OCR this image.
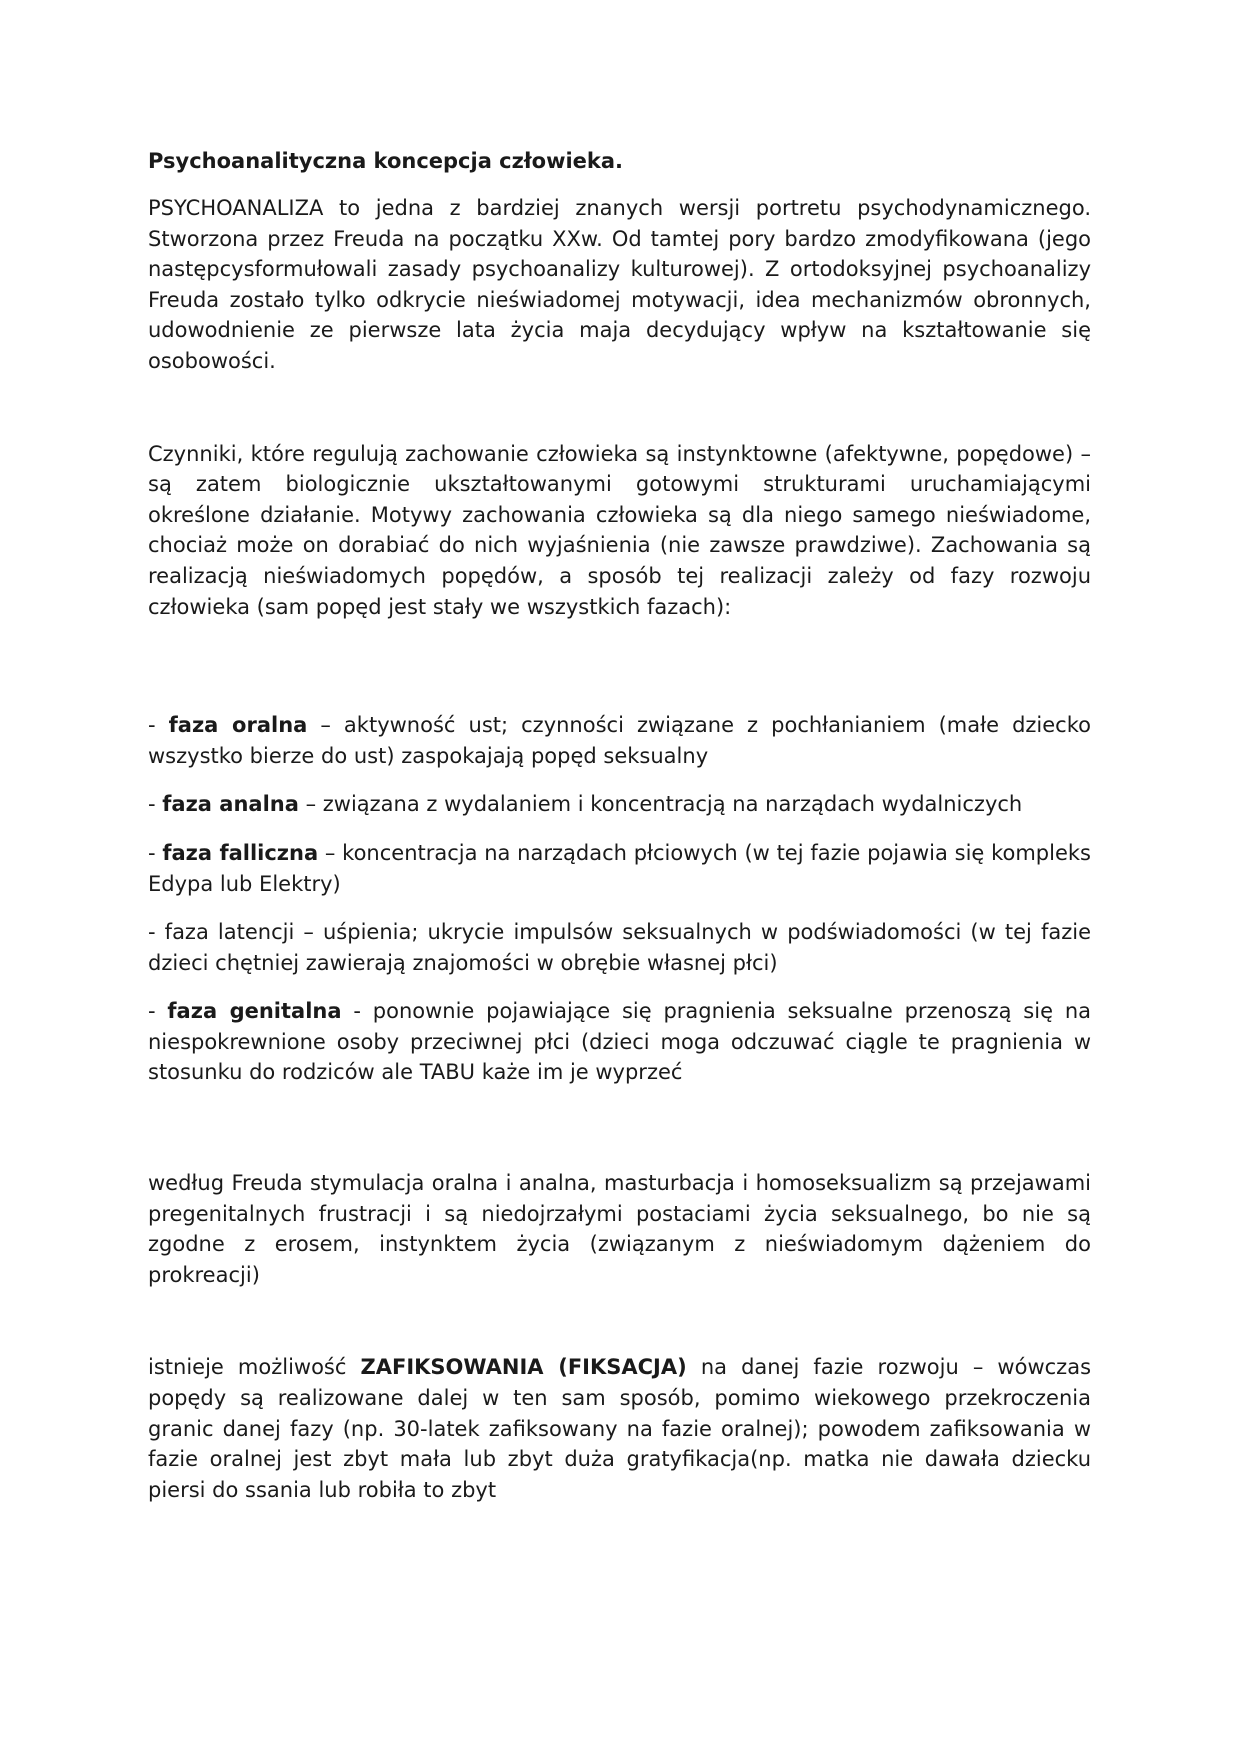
Psychoanalityczna koncepcja człowieka.

PSYCHOANALIZA to jedna z bardziej znanych wersji portretu psychodynamicznego. Stworzona przez Freuda na początku XXw. Od tamtej pory bardzo zmodyfikowana (jego następcysformułowali zasady psychoanalizy kulturowej). Z ortodoksyjnej psychoanalizy Freuda zostało tylko odkrycie nieświadomej motywacji, idea mechanizmów obronnych, udowodnienie ze pierwsze lata życia maja decydujący wpływ na kształtowanie się osobowości.

Czynniki, które regulują zachowanie człowieka są instynktowne (afektywne, popędowe) – są zatem biologicznie ukształtowanymi gotowymi strukturami uruchamiającymi określone działanie. Motywy zachowania człowieka są dla niego samego nieświadome, chociaż może on dorabiać do nich wyjaśnienia (nie zawsze prawdziwe). Zachowania są realizacją nieświadomych popędów, a sposób tej realizacji zależy od fazy rozwoju człowieka (sam popęd jest stały we wszystkich fazach):

- faza oralna – aktywność ust; czynności związane z pochłanianiem (małe dziecko wszystko bierze do ust) zaspokajają popęd seksualny

- faza analna – związana z wydalaniem i koncentracją na narządach wydalniczych

- faza falliczna – koncentracja na narządach płciowych (w tej fazie pojawia się kompleks Edypa lub Elektry)

- faza latencji – uśpienia; ukrycie impulsów seksualnych w podświadomości (w tej fazie dzieci chętniej zawierają znajomości w obrębie własnej płci)

- faza genitalna - ponownie pojawiające się pragnienia seksualne przenoszą się na niespokrewnione osoby przeciwnej płci (dzieci moga odczuwać ciągle te pragnienia w stosunku do rodziców ale TABU każe im je wyprzeć

według Freuda stymulacja oralna i analna, masturbacja i homoseksualizm są przejawami pregenitalnych frustracji i są niedojrzałymi postaciami życia seksualnego, bo nie są zgodne z erosem, instynktem życia (związanym z nieświadomym dążeniem do prokreacji)

istnieje możliwość ZAFIKSOWANIA (FIKSACJA) na danej fazie rozwoju – wówczas popędy są realizowane dalej w ten sam sposób, pomimo wiekowego przekroczenia granic danej fazy (np. 30-latek zafiksowany na fazie oralnej); powodem zafiksowania w fazie oralnej jest zbyt mała lub zbyt duża gratyfikacja(np. matka nie dawała dziecku piersi do ssania lub robiła to zbyt
